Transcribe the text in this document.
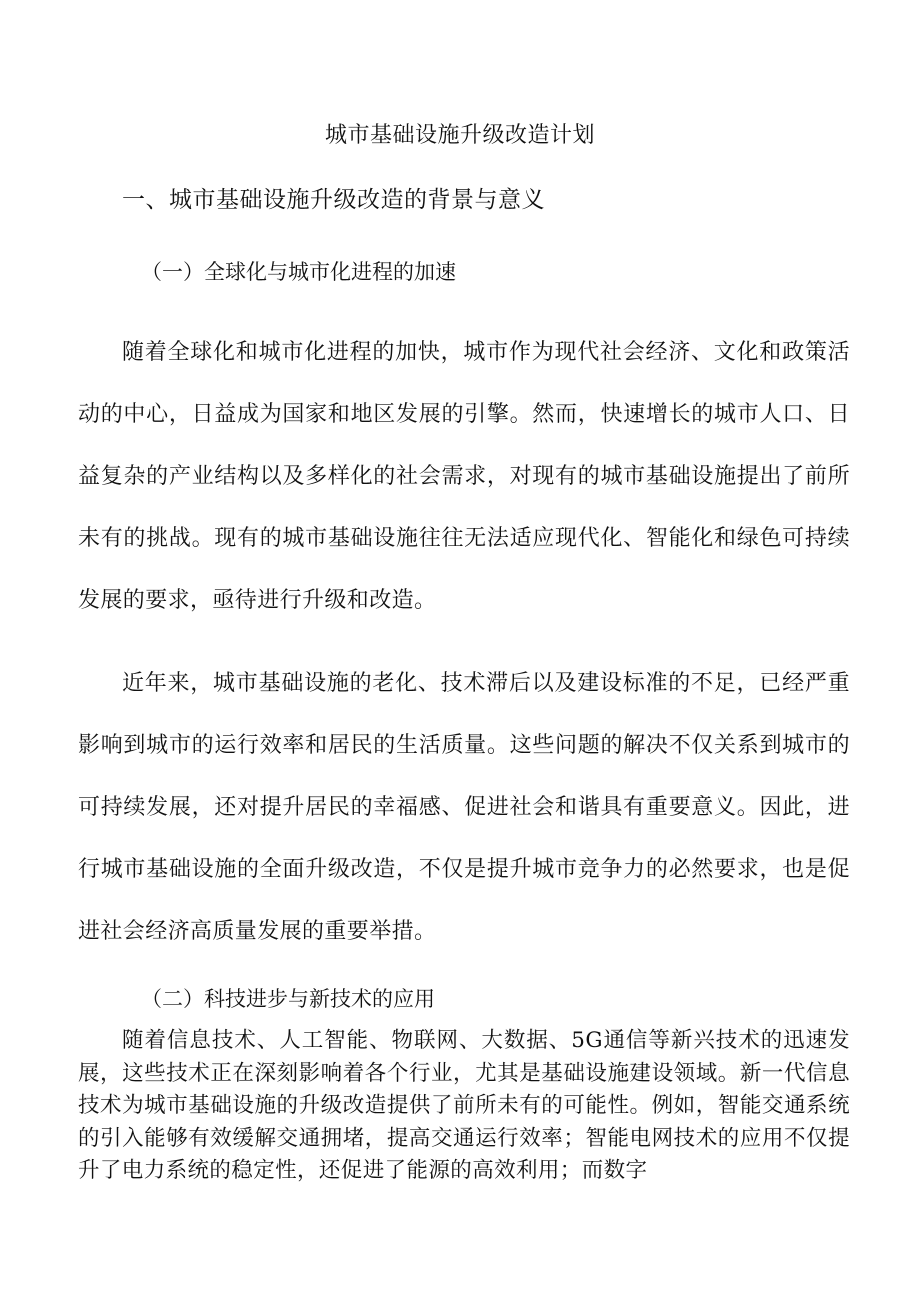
城市基础设施升级改造计划
一、城市基础设施升级改造的背景与意义
（一）全球化与城市化进程的加速

随着全球化和城市化进程的加快，城市作为现代社会经济、文化和政策活动的中心，日益成为国家和地区发展的引擎。然而，快速增长的城市人口、日益复杂的产业结构以及多样化的社会需求，对现有的城市基础设施提出了前所未有的挑战。现有的城市基础设施往往无法适应现代化、智能化和绿色可持续发展的要求，亟待进行升级和改造。

近年来，城市基础设施的老化、技术滞后以及建设标准的不足，已经严重影响到城市的运行效率和居民的生活质量。这些问题的解决不仅关系到城市的可持续发展，还对提升居民的幸福感、促进社会和谐具有重要意义。因此，进行城市基础设施的全面升级改造，不仅是提升城市竞争力的必然要求，也是促进社会经济高质量发展的重要举措。

（二）科技进步与新技术的应用

随着信息技术、人工智能、物联网、大数据、5G通信等新兴技术的迅速发展，这些技术正在深刻影响着各个行业，尤其是基础设施建设领域。新一代信息技术为城市基础设施的升级改造提供了前所未有的可能性。例如，智能交通系统的引入能够有效缓解交通拥堵，提高交通运行效率；智能电网技术的应用不仅提升了电力系统的稳定性，还促进了能源的高效利用；而数字
